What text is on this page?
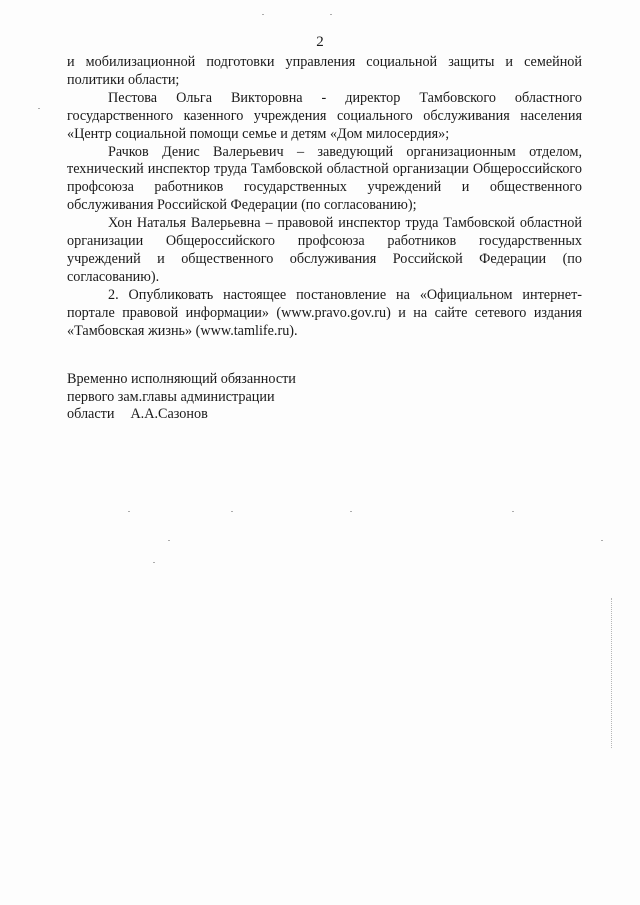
2

и мобилизационной подготовки управления социальной защиты и семейной политики области;

Пестова Ольга Викторовна - директор Тамбовского областного государственного казенного учреждения социального обслуживания населения «Центр социальной помощи семье и детям «Дом милосердия»;

Рачков Денис Валерьевич – заведующий организационным отделом, технический инспектор труда Тамбовской областной организации Общероссийского профсоюза работников государственных учреждений и общественного обслуживания Российской Федерации (по согласованию);

Хон Наталья Валерьевна – правовой инспектор труда Тамбовской областной организации Общероссийского профсоюза работников государственных учреждений и общественного обслуживания Российской Федерации (по согласованию).

2. Опубликовать настоящее постановление на «Официальном интернет-портале правовой информации» (www.pravo.gov.ru) и на сайте сетевого издания «Тамбовская жизнь» (www.tamlife.ru).

Временно исполняющий обязанности
первого зам.главы администрации
области А.А.Сазонов
